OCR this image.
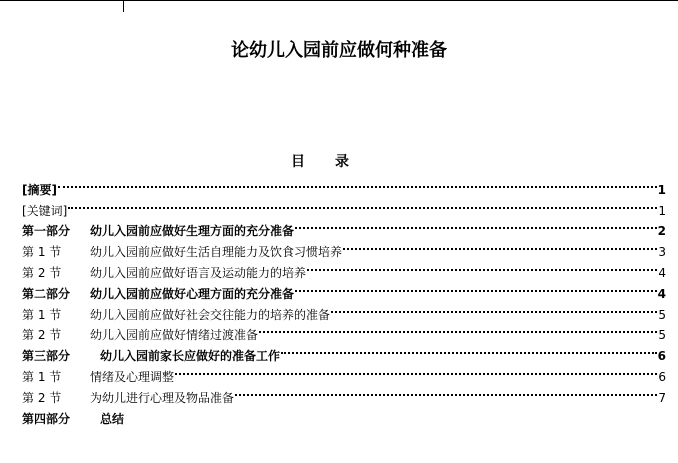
论幼儿入园前应做何种准备
目 录
[摘要]	1
[关键词]	1
第一部分 幼儿入园前应做好生理方面的充分准备	2
第 1 节 幼儿入园前应做好生活自理能力及饮食习惯培养	3
第 2 节 幼儿入园前应做好语言及运动能力的培养	4
第二部分 幼儿入园前应做好心理方面的充分准备	4
第 1 节 幼儿入园前应做好社会交往能力的培养的准备	5
第 2 节 幼儿入园前应做好情绪过渡准备	5
第三部分 幼儿入园前家长应做好的准备工作	6
第 1 节 情绪及心理调整	6
第 2 节 为幼儿进行心理及物品准备	7
第四部分 总结
